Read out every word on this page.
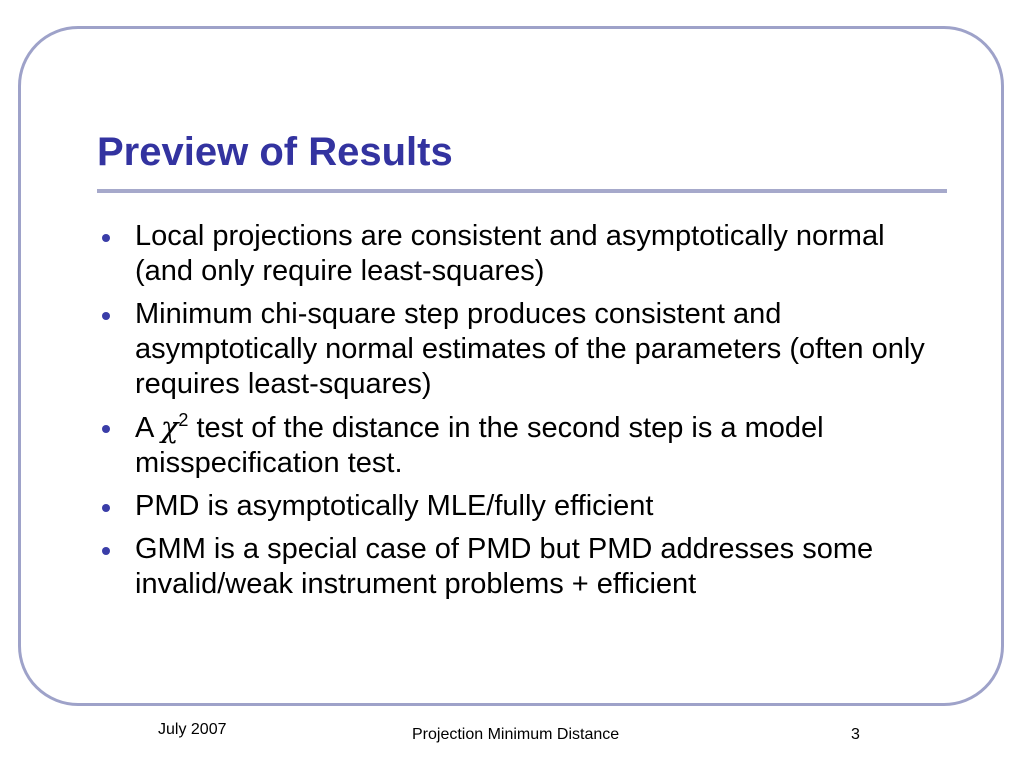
Preview of Results
Local projections are consistent and asymptotically normal (and only require least-squares)
Minimum chi-square step produces consistent and asymptotically normal estimates of the parameters (often only requires least-squares)
A $\chi^2$ test of the distance in the second step is a model misspecification test.
PMD is asymptotically MLE/fully efficient
GMM is a special case of PMD but PMD addresses some invalid/weak instrument problems + efficient
July 2007	Projection Minimum Distance	3
